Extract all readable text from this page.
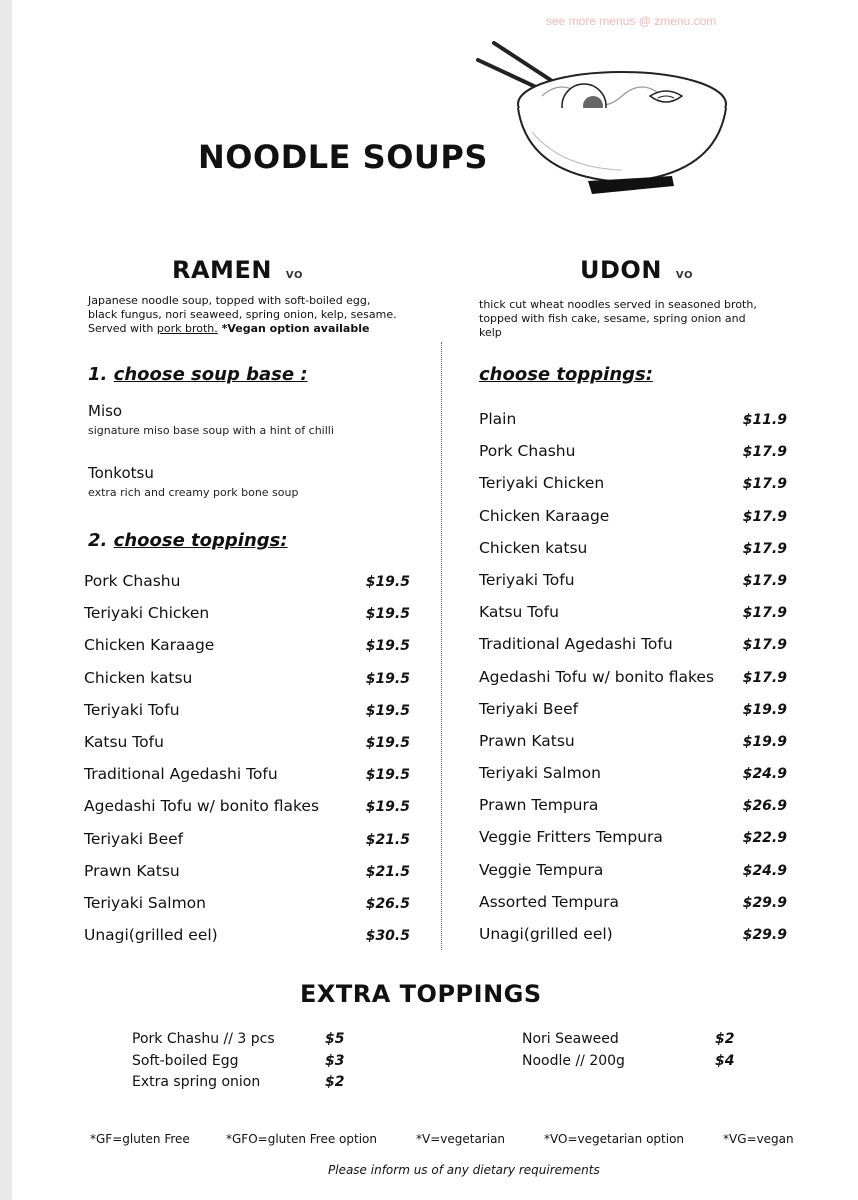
see more menus @ zmenu.com
NOODLE SOUPS
RAMEN VO
Japanese noodle soup, topped with soft-boiled egg,
black fungus, nori seaweed, spring onion, kelp, sesame.
Served with pork broth. *Vegan option available
1. choose soup base :
Miso
signature miso base soup with a hint of chilli
Tonkotsu
extra rich and creamy pork bone soup
2. choose toppings:
Pork Chashu	$19.5
Teriyaki Chicken	$19.5
Chicken Karaage	$19.5
Chicken katsu	$19.5
Teriyaki Tofu	$19.5
Katsu Tofu	$19.5
Traditional Agedashi Tofu	$19.5
Agedashi Tofu w/ bonito flakes	$19.5
Teriyaki Beef	$21.5
Prawn Katsu	$21.5
Teriyaki Salmon	$26.5
Unagi(grilled eel)	$30.5
UDON VO
thick cut wheat noodles served in seasoned broth,
topped with fish cake, sesame, spring onion and
kelp
choose toppings:
Plain	$11.9
Pork Chashu	$17.9
Teriyaki Chicken	$17.9
Chicken Karaage	$17.9
Chicken katsu	$17.9
Teriyaki Tofu	$17.9
Katsu Tofu	$17.9
Traditional Agedashi Tofu	$17.9
Agedashi Tofu w/ bonito flakes $17.9
Teriyaki Beef	$19.9
Prawn Katsu	$19.9
Teriyaki Salmon	$24.9
Prawn Tempura	$26.9
Veggie Fritters Tempura	$22.9
Veggie Tempura	$24.9
Assorted Tempura	$29.9
Unagi(grilled eel)	$29.9
EXTRA TOPPINGS
Pork Chashu // 3 pcs	$5
Soft-boiled Egg	$3
Extra spring onion	$2
Nori Seaweed	$2
Noodle // 200g	$4
*GF=gluten Free	*GFO=gluten Free option	*V=vegetarian	*VO=vegetarian option	*VG=vegan
Please inform us of any dietary requirements
